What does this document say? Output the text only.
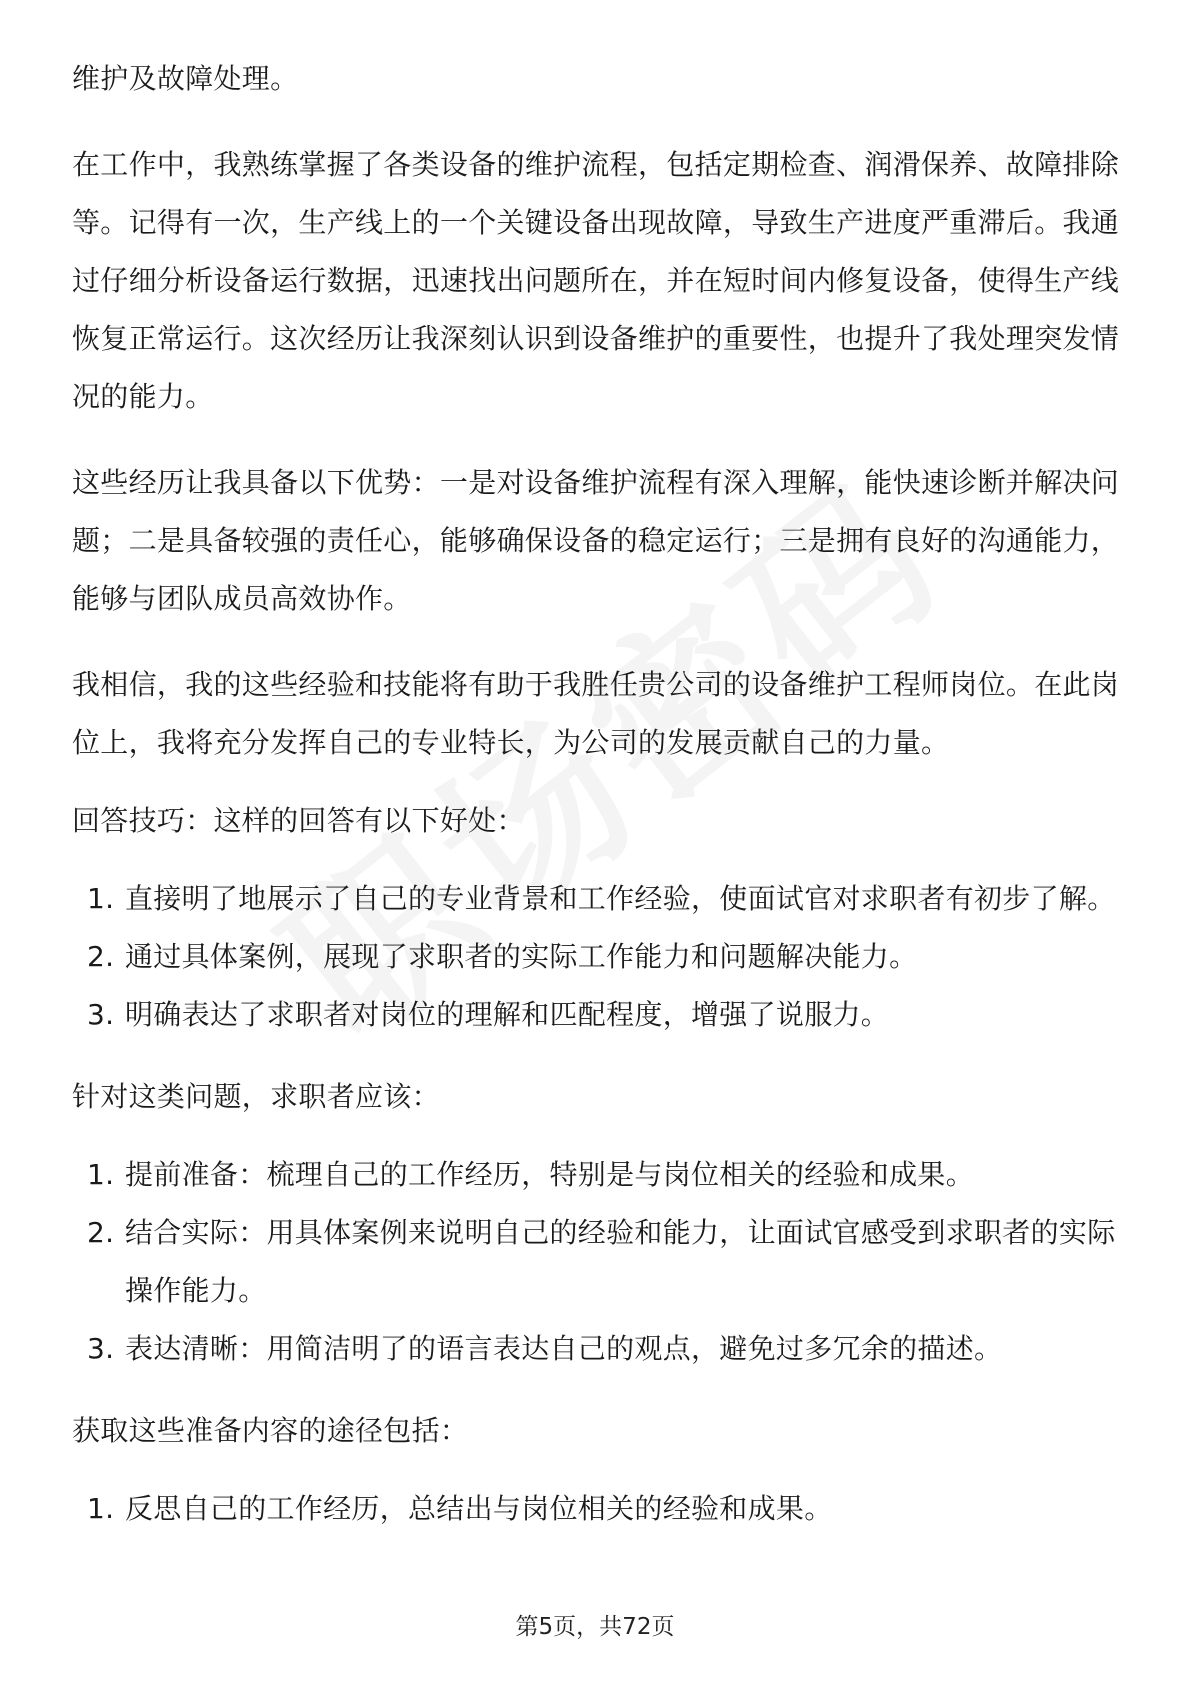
维护及故障处理。

在工作中，我熟练掌握了各类设备的维护流程，包括定期检查、润滑保养、故障排除等。记得有一次，生产线上的一个关键设备出现故障，导致生产进度严重滞后。我通过仔细分析设备运行数据，迅速找出问题所在，并在短时间内修复设备，使得生产线恢复正常运行。这次经历让我深刻认识到设备维护的重要性，也提升了我处理突发情况的能力。

这些经历让我具备以下优势：一是对设备维护流程有深入理解，能快速诊断并解决问题；二是具备较强的责任心，能够确保设备的稳定运行；三是拥有良好的沟通能力，能够与团队成员高效协作。

我相信，我的这些经验和技能将有助于我胜任贵公司的设备维护工程师岗位。在此岗位上，我将充分发挥自己的专业特长，为公司的发展贡献自己的力量。

回答技巧：这样的回答有以下好处：

1. 直接明了地展示了自己的专业背景和工作经验，使面试官对求职者有初步了解。
2. 通过具体案例，展现了求职者的实际工作能力和问题解决能力。
3. 明确表达了求职者对岗位的理解和匹配程度，增强了说服力。

针对这类问题，求职者应该：

1. 提前准备：梳理自己的工作经历，特别是与岗位相关的经验和成果。
2. 结合实际：用具体案例来说明自己的经验和能力，让面试官感受到求职者的实际操作能力。
3. 表达清晰：用简洁明了的语言表达自己的观点，避免过多冗余的描述。

获取这些准备内容的途径包括：

1. 反思自己的工作经历，总结出与岗位相关的经验和成果。
第5页，共72页
